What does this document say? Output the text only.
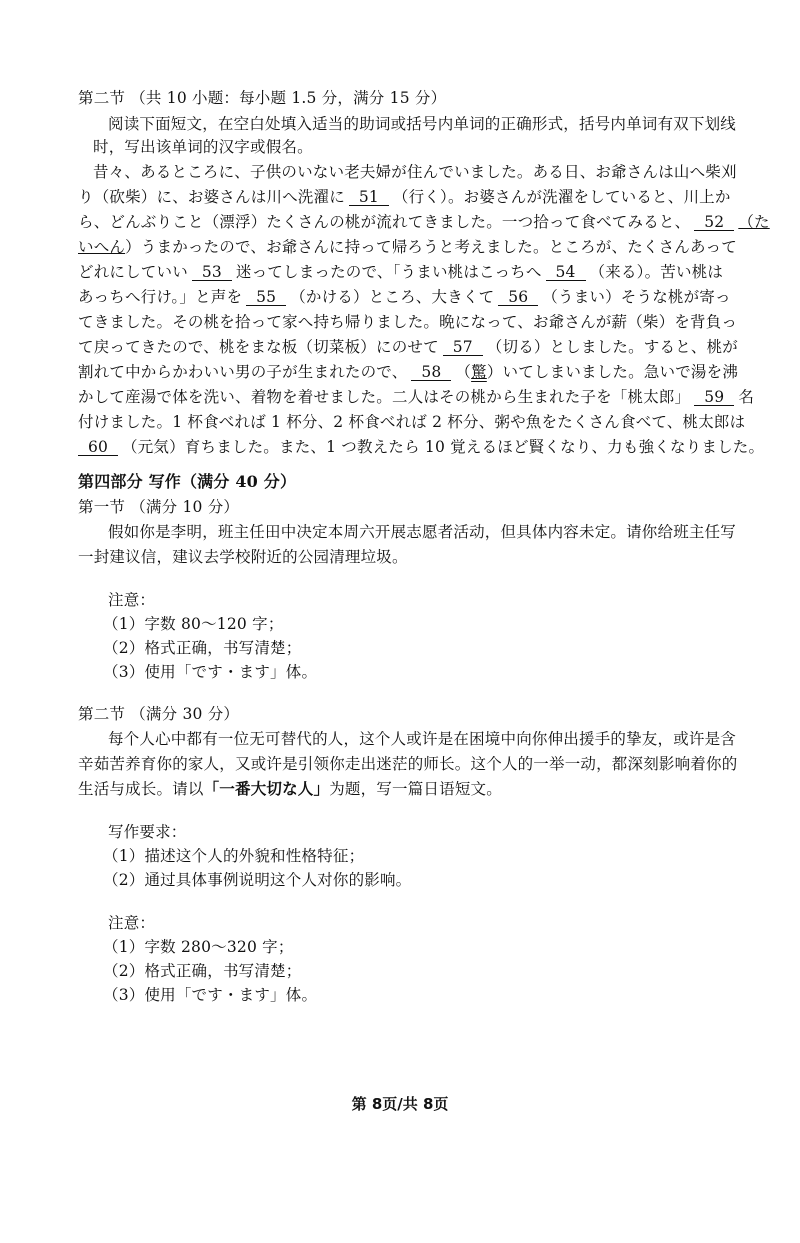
第二节 （共 10 小题：每小题 1.5 分，满分 15 分）
阅读下面短文，在空白处填入适当的助词或括号内单词的正确形式，括号内单词有双下划线
时，写出该单词的汉字或假名。
昔々、あるところに、子供のいない老夫婦が住んでいました。ある日、お爺さんは山へ柴刈
り（砍柴）に、お婆さんは川へ洗濯に 51 （行く）。お婆さんが洗濯をしていると、川上か
ら、どんぶりこと（漂浮）たくさんの桃が流れてきました。一つ拾って食べてみると、 52 （た
いへん）うまかったので、お爺さんに持って帰ろうと考えました。ところが、たくさんあって
どれにしていい 53 迷ってしまったので、「うまい桃はこっちへ 54 （来る）。苦い桃は
あっちへ行け。」と声を 55 （かける）ところ、大きくて 56 （うまい）そうな桃が寄っ
てきました。その桃を拾って家へ持ち帰りました。晩になって、お爺さんが薪（柴）を背負っ
て戻ってきたので、桃をまな板（切菜板）にのせて 57 （切る）としました。すると、桃が
割れて中からかわいい男の子が生まれたので、 58 （驚）いてしまいました。急いで湯を沸
かして産湯で体を洗い、着物を着せました。二人はその桃から生まれた子を「桃太郎」 59 名
付けました。1 杯食べれば 1 杯分、2 杯食べれば 2 杯分、粥や魚をたくさん食べて、桃太郎は
60 （元気）育ちました。また、1 つ教えたら 10 覚えるほど賢くなり、力も強くなりました。
第四部分 写作（满分 40 分）
第一节 （满分 10 分）
假如你是李明，班主任田中决定本周六开展志愿者活动，但具体内容未定。请你给班主任写
一封建议信，建议去学校附近的公园清理垃圾。
注意：
（1）字数 80～120 字；
（2）格式正确，书写清楚；
（3）使用「です・ます」体。
第二节 （满分 30 分）
每个人心中都有一位无可替代的人，这个人或许是在困境中向你伸出援手的挚友，或许是含
辛茹苦养育你的家人，又或许是引领你走出迷茫的师长。这个人的一举一动，都深刻影响着你的
生活与成长。请以「一番大切な人」为题，写一篇日语短文。
写作要求：
（1）描述这个人的外貌和性格特征；
（2）通过具体事例说明这个人对你的影响。
注意：
（1）字数 280～320 字；
（2）格式正确，书写清楚；
（3）使用「です・ます」体。
第 8页/共 8页
